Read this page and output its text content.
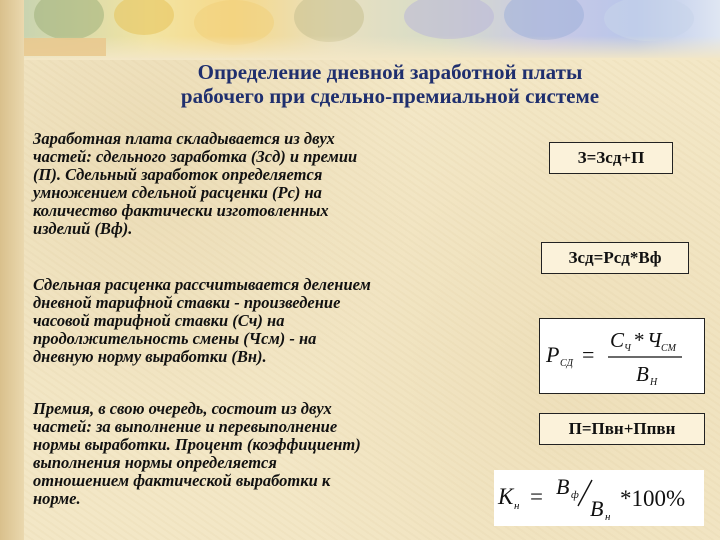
Определение дневной заработной платы
рабочего при сдельно-премиальной системе
Заработная плата складывается из двух
частей: сдельного заработка (Зсд) и премии
(П). Сдельный заработок определяется
умножением сдельной расценки (Рс) на
количество фактически изготовленных
изделий (Вф).
Сдельная расценка рассчитывается делением
дневной тарифной ставки - произведение
часовой тарифной ставки (Сч) на
продолжительность смены (Чсм) - на
дневную норму выработки (Вн).
Премия, в свою очередь, состоит из двух
частей: за выполнение и перевыполнение
нормы выработки. Процент (коэффициент)
выполнения нормы определяется
отношением фактической выработки к
норме.
З=Зсд+П
Зсд=Рсд*Вф
Р СД =
С Ч * Ч СМ
В Н
П=Пвн+Ппвн
К н = В ф
В н
*100%
